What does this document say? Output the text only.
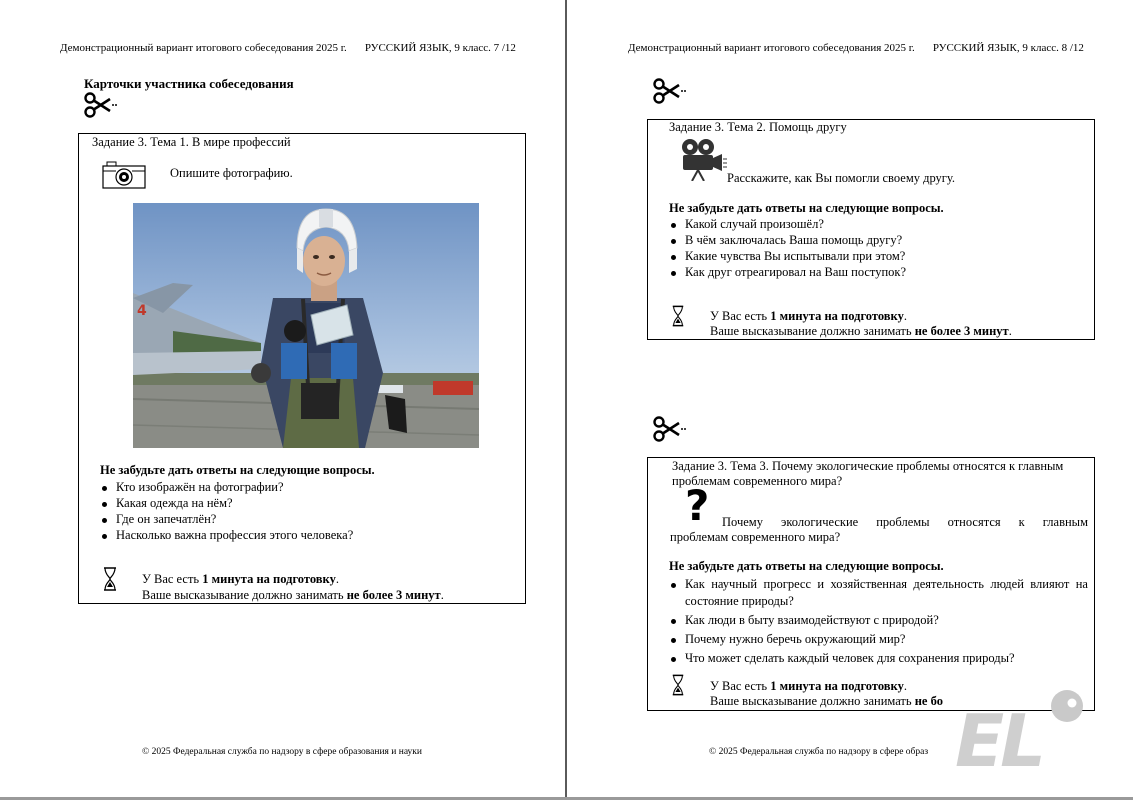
Демонстрационный вариант итогового собеседования 2025 г. РУССКИЙ ЯЗЫК, 9 класс. 7 /12
Карточки участника собеседования
Задание 3. Тема 1. В мире профессий
Опишите фотографию.
4
Не забудьте дать ответы на следующие вопросы.
Кто изображён на фотографии?
Какая одежда на нём?
Где он запечатлён?
Насколько важна профессия этого человека?
У Вас есть 1 минута на подготовку.
Ваше высказывание должно занимать не более 3 минут.
© 2025 Федеральная служба по надзору в сфере образования и науки
Демонстрационный вариант итогового собеседования 2025 г. РУССКИЙ ЯЗЫК, 9 класс. 8 /12
Задание 3. Тема 2. Помощь другу
Расскажите, как Вы помогли своему другу.
Не забудьте дать ответы на следующие вопросы.
Какой случай произошёл?
В чём заключалась Ваша помощь другу?
Какие чувства Вы испытывали при этом?
Как друг отреагировал на Ваш поступок?
У Вас есть 1 минута на подготовку.
Ваше высказывание должно занимать не более 3 минут.
Задание 3. Тема 3. Почему экологические проблемы относятся к главным
проблемам современного мира?
? Почему экологические проблемы относятся к главным
проблемам современного мира?
Не забудьте дать ответы на следующие вопросы.
Как научный прогресс и хозяйственная деятельность людей влияют на состояние природы?
Как люди в быту взаимодействуют с природой?
Почему нужно беречь окружающий мир?
Что может сделать каждый человек для сохранения природы?
У Вас есть 1 минута на подготовку.
Ваше высказывание должно занимать не бо
© 2025 Федеральная служба по надзору в сфере образ EL
